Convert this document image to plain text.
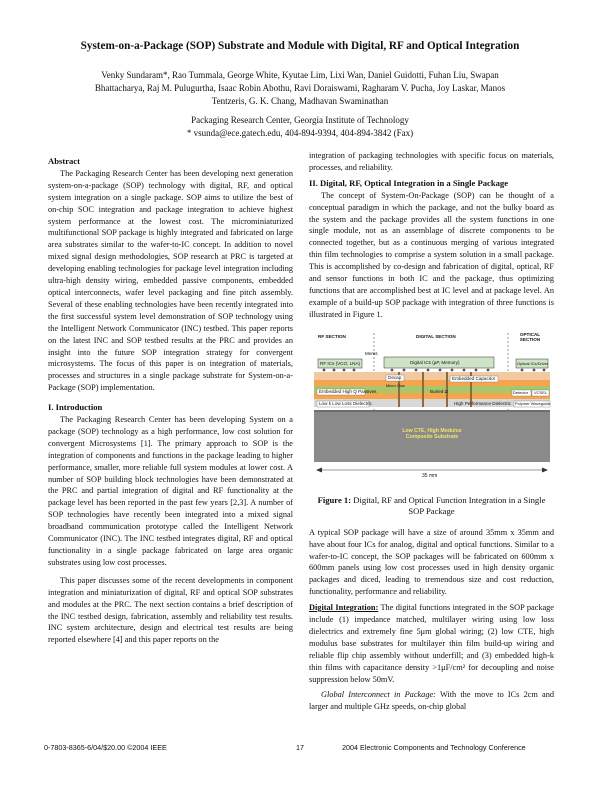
System-on-a-Package (SOP) Substrate and Module with Digital, RF and Optical Integration
Venky Sundaram*, Rao Tummala, George White, Kyutae Lim, Lixi Wan, Daniel Guidotti, Fuhan Liu, Swapan
Bhattacharya, Raj M. Pulugurtha, Isaac Robin Abothu, Ravi Doraiswami, Ragharam V. Pucha, Joy Laskar, Manos
Tentzeris, G. K. Chang, Madhavan Swaminathan
Packaging Research Center, Georgia Institute of Technology
* vsunda@ece.gatech.edu, 404-894-9394, 404-894-3842 (Fax)

Abstract

The Packaging Research Center has been developing next generation system-on-a-package (SOP) technology with digital, RF, and optical system integration on a single package. SOP aims to utilize the best of on-chip SOC integration and package integration to achieve highest system performance at the lowest cost. The microminiaturized multifunctional SOP package is highly integrated and fabricated on large area substrates similar to the wafer-to-IC concept. In addition to novel mixed signal design methodologies, SOP research at PRC is targeted at developing enabling technologies for package level integration including ultra-high density wiring, embedded passive components, embedded optical interconnects, wafer level packaging and fine pitch assembly. Several of these enabling technologies have been recently integrated into the first successful system level demonstration of SOP technology using the Intelligent Network Communicator (INC) testbed. This paper reports on the latest INC and SOP testbed results at the PRC and provides an insight into the future SOP integration strategy for convergent microsystems. The focus of this paper is on integration of materials, processes and structures in a single package substrate for System-on-a-Package (SOP) implementation.

I. Introduction

The Packaging Research Center has been developing System on a package (SOP) technology as a high performance, low cost solution for convergent Microsystems [1]. The primary approach to SOP is the integration of components and functions in the package leading to higher performance, smaller, more reliable full system modules at lower cost. A number of SOP building block technologies have been demonstrated at the PRC and partial integration of digital and RF functionality at the package level has been reported in the past few years [2,3]. A number of SOP technologies have recently been integrated into a mixed signal broadband communication prototype called the Intelligent Network Communicator (INC). The INC testbed integrates digital, RF and optical functionality in a single package fabricated on large area organic substrates using low cost processes.

This paper discusses some of the recent developments in component integration and miniaturization of digital, RF and optical SOP substrates and modules at the PRC. The next section contains a brief description of the INC testbed design, fabrication, assembly and reliability test results. INC system architecture, design and electrical test results are being reported elsewhere [4] and this paper reports on the

integration of packaging technologies with specific focus on materials, processes, and reliability.

II. Digital, RF, Optical Integration in a Single Package

The concept of System-On-Package (SOP) can be thought of a conceptual paradigm in which the package, and not the bulky board as the system and the package provides all the system functions in one single module, not as an assemblage of discrete components to be connected together, but as a continuous merging of various integrated thin film technologies to comprise a system solution in a small package. This is accomplished by co-design and fabrication of digital, optical, RF and sensor functions in both IC and the package, thus optimizing functions that are accomplished best at IC level and at package level. An example of a build-up SOP package with integration of three functions is illustrated in Figure 1.

RF SECTION	DIGITAL SECTION	OPTICAL SECTION
RF ICs (VCO, LNA)
Mems
Digital ICs (µP, Memory)	Optical ICs/Driver
Embedded High Q Passives
Decap
Micro Vias
Embedded Capacitor
Buried Ω	Detector VCSEL
Low k Low Loss Dielectric	High Performance Dielectric Polymer Waveguide
Low CTE, High Modulus
Composite Substrate
35 mm

Figure 1: Digital, RF and Optical Function Integration in a Single SOP Package

A typical SOP package will have a size of around 35mm x 35mm and have about four ICs for analog, digital and optical functions. Similar to a wafer-to-IC concept, the SOP packages will be fabricated on 600mm x 600mm panels using low cost processes used in high density organic packages and diced, leading to tremendous size and cost reduction, functionality, performance and reliability.

Digital Integration: The digital functions integrated in the SOP package include (1) impedance matched, multilayer wiring using low loss dielectrics and extremely fine 5μm global wiring; (2) low CTE, high modulus base substrates for multilayer thin film build-up wiring and reliable flip chip assembly without underfill; and (3) embedded high-k thin films with capacitance density >1μF/cm² for decoupling and noise suppression below 50mV.

Global Interconnect in Package: With the move to ICs 2cm and larger and multiple GHz speeds, on-chip global

0-7803-8365-6/04/$20.00 ©2004 IEEE	17	2004 Electronic Components and Technology Conference
